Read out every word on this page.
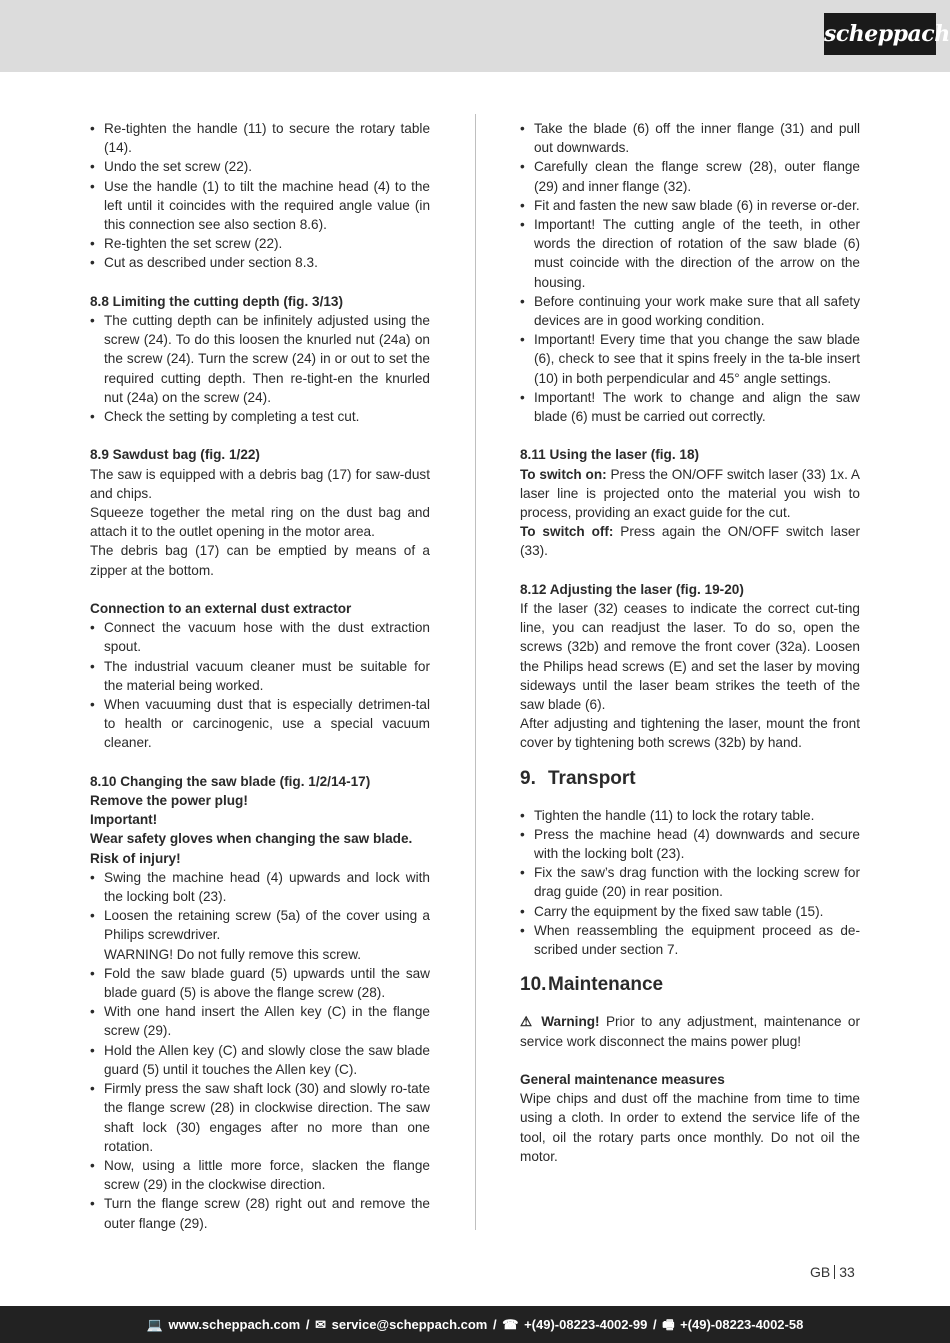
scheppach
• Re-tighten the handle (11) to secure the rotary table (14).
• Undo the set screw (22).
• Use the handle (1) to tilt the machine head (4) to the left until it coincides with the required angle value (in this connection see also section 8.6).
• Re-tighten the set screw (22).
• Cut as described under section 8.3.

8.8 Limiting the cutting depth (fig. 3/13)

• The cutting depth can be infinitely adjusted using the screw (24). To do this loosen the knurled nut (24a) on the screw (24). Turn the screw (24) in or out to set the required cutting depth. Then re-tight-en the knurled nut (24a) on the screw (24).
• Check the setting by completing a test cut.

8.9 Sawdust bag (fig. 1/22)

The saw is equipped with a debris bag (17) for saw-dust and chips.

Squeeze together the metal ring on the dust bag and attach it to the outlet opening in the motor area.

The debris bag (17) can be emptied by means of a zipper at the bottom.

Connection to an external dust extractor

• Connect the vacuum hose with the dust extraction spout.
• The industrial vacuum cleaner must be suitable for the material being worked.
• When vacuuming dust that is especially detrimen-tal to health or carcinogenic, use a special vacuum cleaner.

8.10 Changing the saw blade (fig. 1/2/14-17)

Remove the power plug!

Important!

Wear safety gloves when changing the saw blade.

Risk of injury!

• Swing the machine head (4) upwards and lock with the locking bolt (23).
• Loosen the retaining screw (5a) of the cover using a Philips screwdriver.
WARNING! Do not fully remove this screw.
• Fold the saw blade guard (5) upwards until the saw blade guard (5) is above the flange screw (28).
• With one hand insert the Allen key (C) in the flange screw (29).
• Hold the Allen key (C) and slowly close the saw blade guard (5) until it touches the Allen key (C).
• Firmly press the saw shaft lock (30) and slowly ro-tate the flange screw (28) in clockwise direction. The saw shaft lock (30) engages after no more than one rotation.
• Now, using a little more force, slacken the flange screw (29) in the clockwise direction.
• Turn the flange screw (28) right out and remove the outer flange (29).
• Take the blade (6) off the inner flange (31) and pull out downwards.
• Carefully clean the flange screw (28), outer flange (29) and inner flange (32).
• Fit and fasten the new saw blade (6) in reverse or-der.
• Important! The cutting angle of the teeth, in other words the direction of rotation of the saw blade (6) must coincide with the direction of the arrow on the housing.
• Before continuing your work make sure that all safety devices are in good working condition.
• Important! Every time that you change the saw blade (6), check to see that it spins freely in the ta-ble insert (10) in both perpendicular and 45° angle settings.
• Important! The work to change and align the saw blade (6) must be carried out correctly.

8.11 Using the laser (fig. 18)

To switch on: Press the ON/OFF switch laser (33) 1x. A laser line is projected onto the material you wish to process, providing an exact guide for the cut.

To switch off: Press again the ON/OFF switch laser (33).

8.12 Adjusting the laser (fig. 19-20)

If the laser (32) ceases to indicate the correct cut-ting line, you can readjust the laser. To do so, open the screws (32b) and remove the front cover (32a). Loosen the Philips head screws (E) and set the laser by moving sideways until the laser beam strikes the teeth of the saw blade (6).

After adjusting and tightening the laser, mount the front cover by tightening both screws (32b) by hand.

9. Transport

• Tighten the handle (11) to lock the rotary table.
• Press the machine head (4) downwards and secure with the locking bolt (23).
• Fix the saw’s drag function with the locking screw for drag guide (20) in rear position.
• Carry the equipment by the fixed saw table (15).
• When reassembling the equipment proceed as de-scribed under section 7.

10. Maintenance

⚠ Warning! Prior to any adjustment, maintenance or service work disconnect the mains power plug!

General maintenance measures

Wipe chips and dust off the machine from time to time using a cloth. In order to extend the service life of the tool, oil the rotary parts once monthly. Do not oil the motor.

GB 33
💻 www.scheppach.com / ✉ service@scheppach.com / ☎ +(49)-08223-4002-99 / 🖷 +(49)-08223-4002-58
